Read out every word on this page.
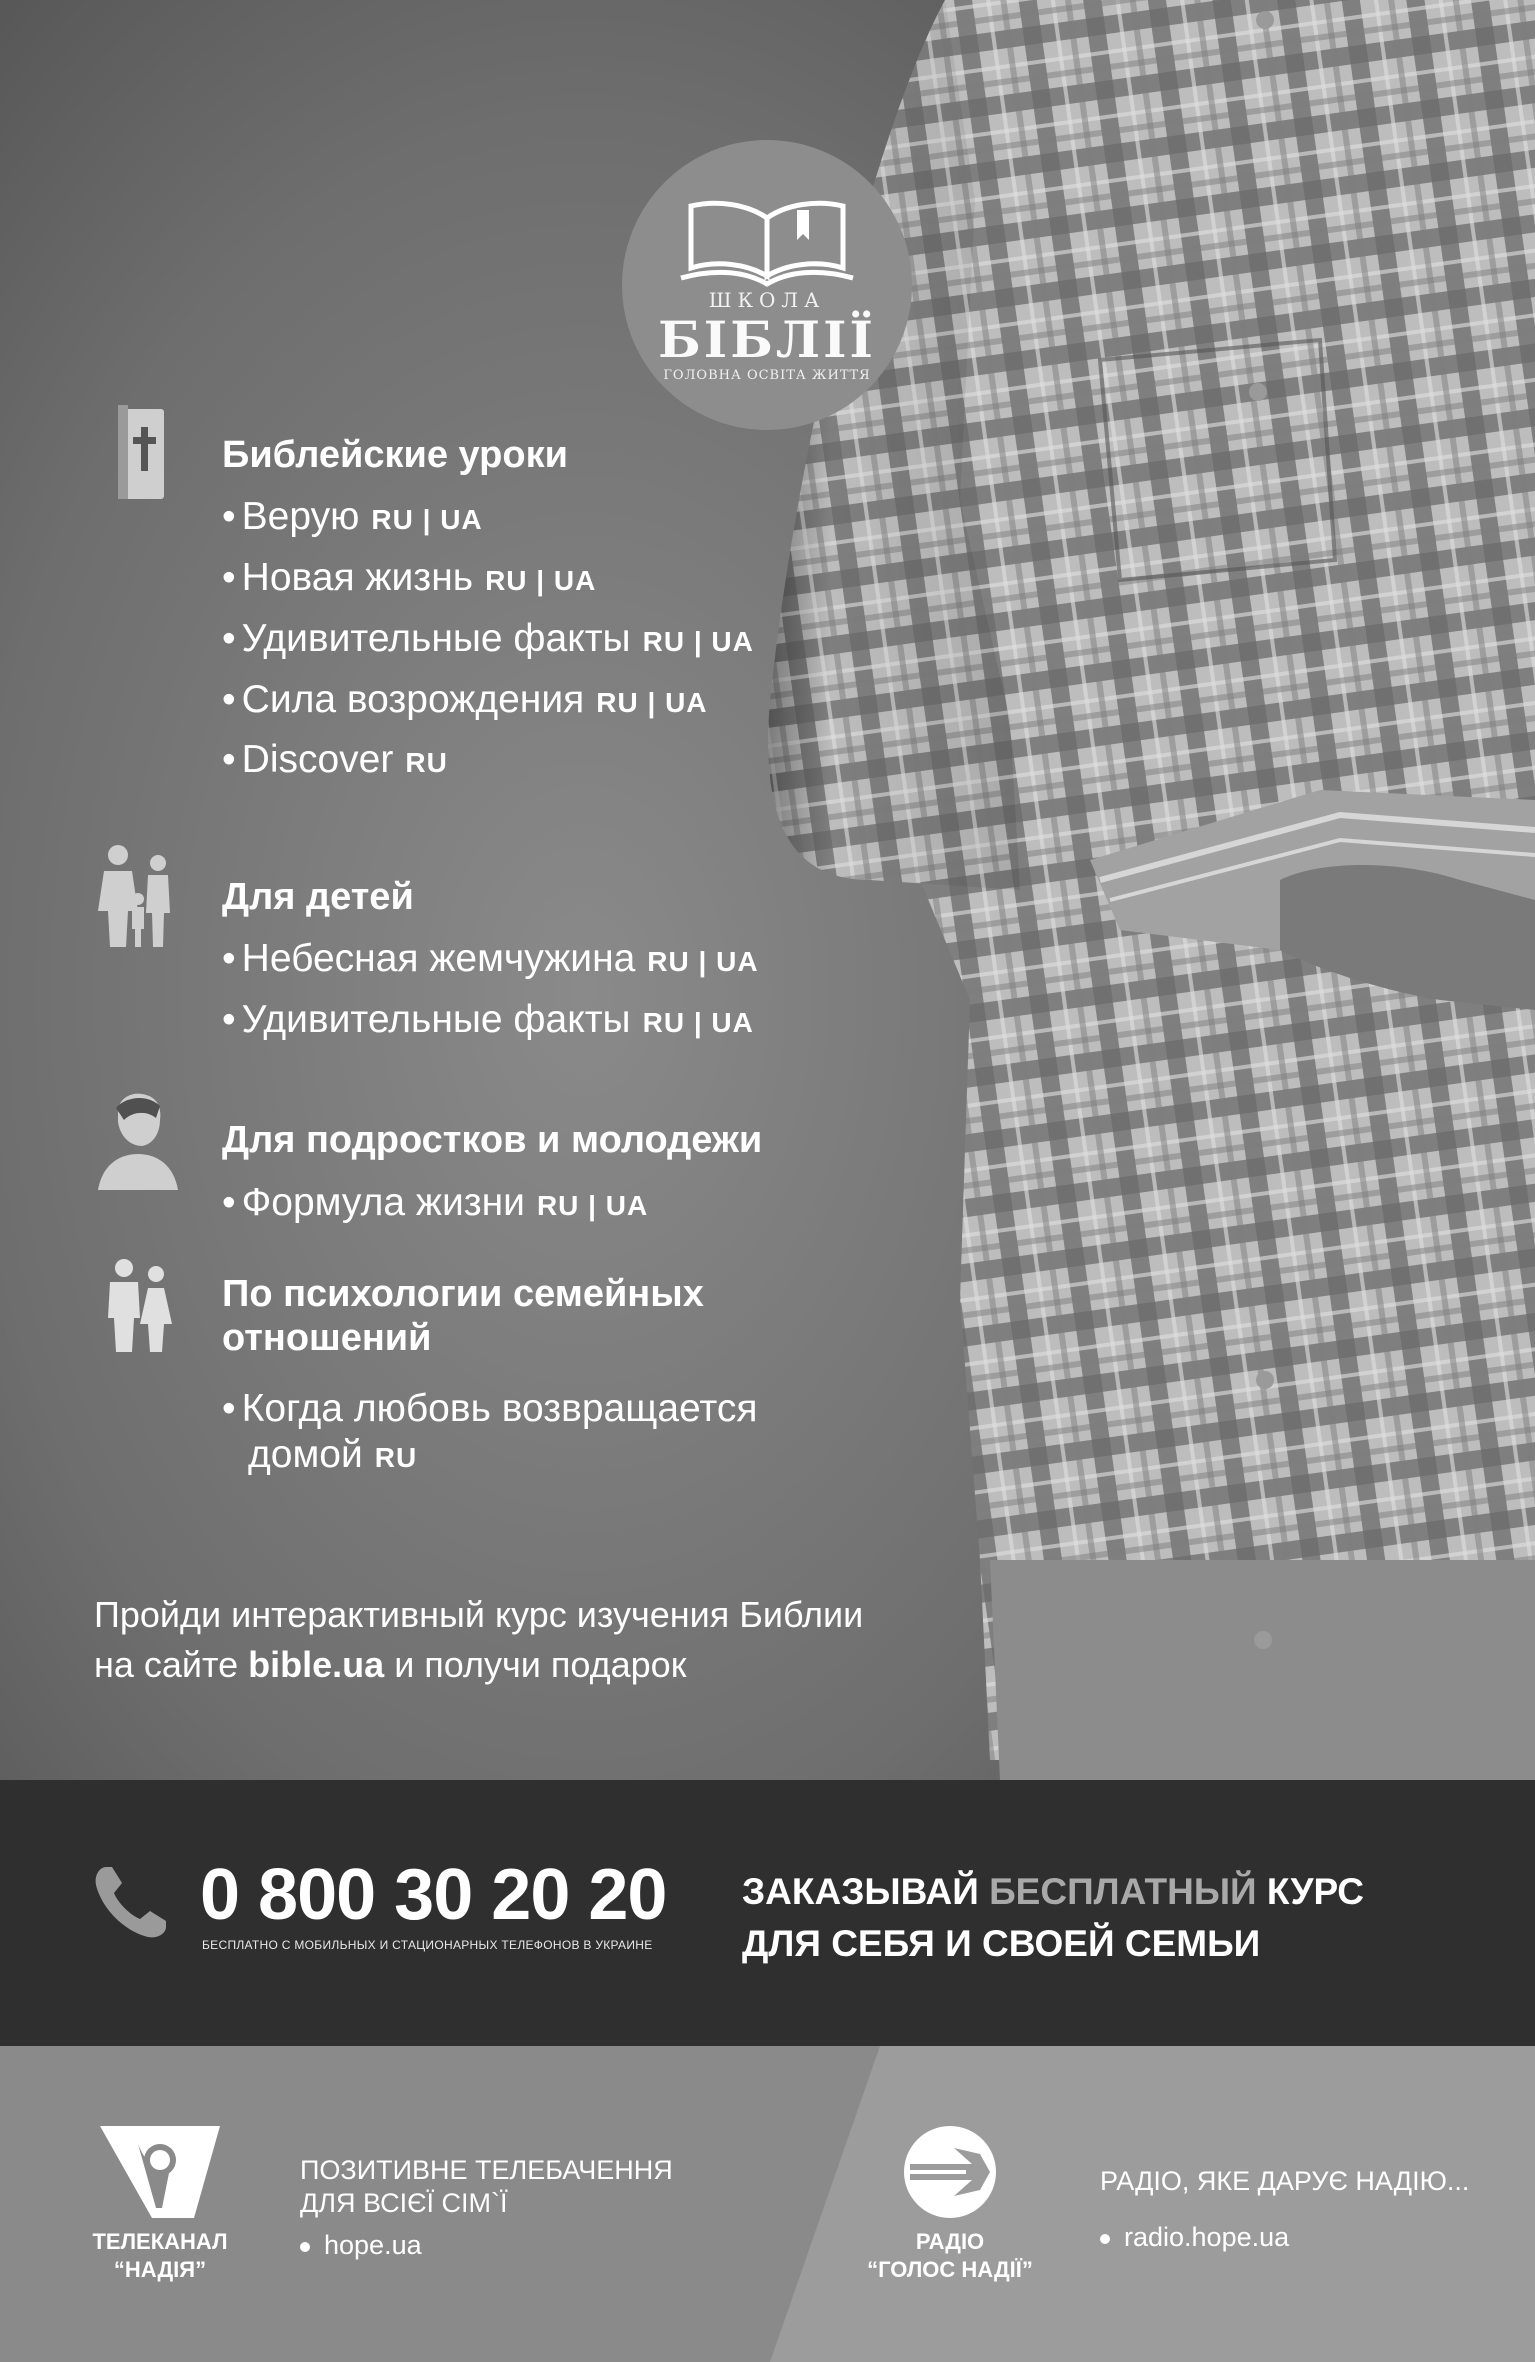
ШКОЛА
БІБЛІЇ
ГОЛОВНА ОСВІТА ЖИТТЯ
Библейские уроки
• Верую RU | UA
• Новая жизнь RU | UA
• Удивительные факты RU | UA
• Сила возрождения RU | UA
• Discover RU
Для детей
• Небесная жемчужина RU | UA
• Удивительные факты RU | UA
Для подростков и молодежи
• Формула жизни RU | UA
По психологии семейных
отношений
• Когда любовь возвращается
домой RU
Пройди интерактивный курс изучения Библии
на сайте bible.ua и получи подарок
0 800 30 20 20
БЕСПЛАТНО С МОБИЛЬНЫХ И СТАЦИОНАРНЫХ ТЕЛЕФОНОВ В УКРАИНЕ
ЗАКАЗЫВАЙ БЕСПЛАТНЫЙ КУРС
ДЛЯ СЕБЯ И СВОЕЙ СЕМЬИ
ТЕЛЕКАНАЛ
“НАДІЯ”
ПОЗИТИВНЕ ТЕЛЕБАЧЕННЯ
ДЛЯ ВСІЄЇ СІМ`Ї
hope.ua	РАДІО
“ГОЛОС НАДІЇ”
РАДІО, ЯКЕ ДАРУЄ НАДІЮ...
radio.hope.ua
